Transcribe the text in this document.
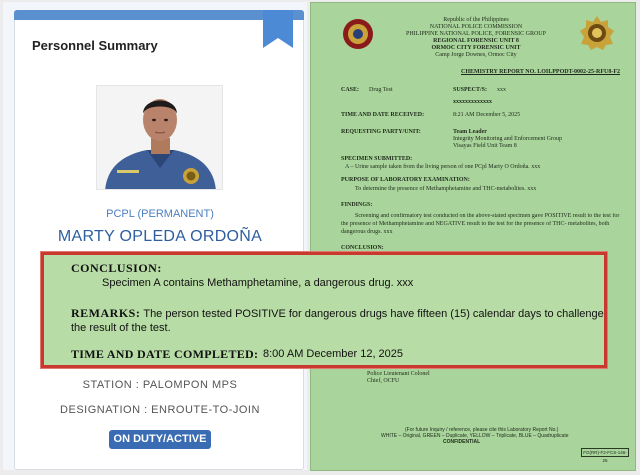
Personnel Summary
PCPL (PERMANENT)
MARTY OPLEDA ORDOÑA
STATION : PALOMPON MPS
DESIGNATION : ENROUTE-TO-JOIN
ON DUTY/ACTIVE
Republic of the Philippines
NATIONAL POLICE COMMISSION
PHILIPPINE NATIONAL POLICE, FORENSIC GROUP
REGIONAL FORENSIC UNIT 8
ORMOC CITY FORENSIC UNIT
Camp Jorge Downes, Ormoc City
CHEMISTRY REPORT NO. LOILPPODT-0002-25-RFU8-F2
CASE: Drug Test	SUSPECT/S: xxx
xxxxxxxxxxxxx
TIME AND DATE RECEIVED:	8:21 AM December 5, 2025
REQUESTING PARTY/UNIT:	Team Leader
Integrity Monitoring and Enforcement Group
Visayas Field Unit Team 8
SPECIMEN SUBMITTED:
A – Urine sample taken from the living person of one PCpl Marty O Ordoña. xxx
PURPOSE OF LABORATORY EXAMINATION:
To determine the presence of Methamphetamine and THC-metabolites. xxx
FINDINGS:
Screening and confirmatory test conducted on the above-stated specimen gave POSITIVE result to the test for
the presence of Methamphetamine and NEGATIVE result to the test for the presence of THC- metabolites, both
dangerous drugs. xxx
CONCLUSION:
Police Lieutenant Colonel
Chief, OCFU
(For future Inquiry / reference, please cite this Laboratory Report No.)
WHITE – Original, GREEN – Duplicate, YELLOW – Triplicate, BLUE – Quadruplicate
CONFIDENTIAL
FG(RR)-F2-FCS-146-25
CONCLUSION:
Specimen A contains Methamphetamine, a dangerous drug. xxx
REMARKS: The person tested POSITIVE for dangerous drugs have fifteen (15) calendar days to challenge the result of the test.
TIME AND DATE COMPLETED: 8:00 AM December 12, 2025
